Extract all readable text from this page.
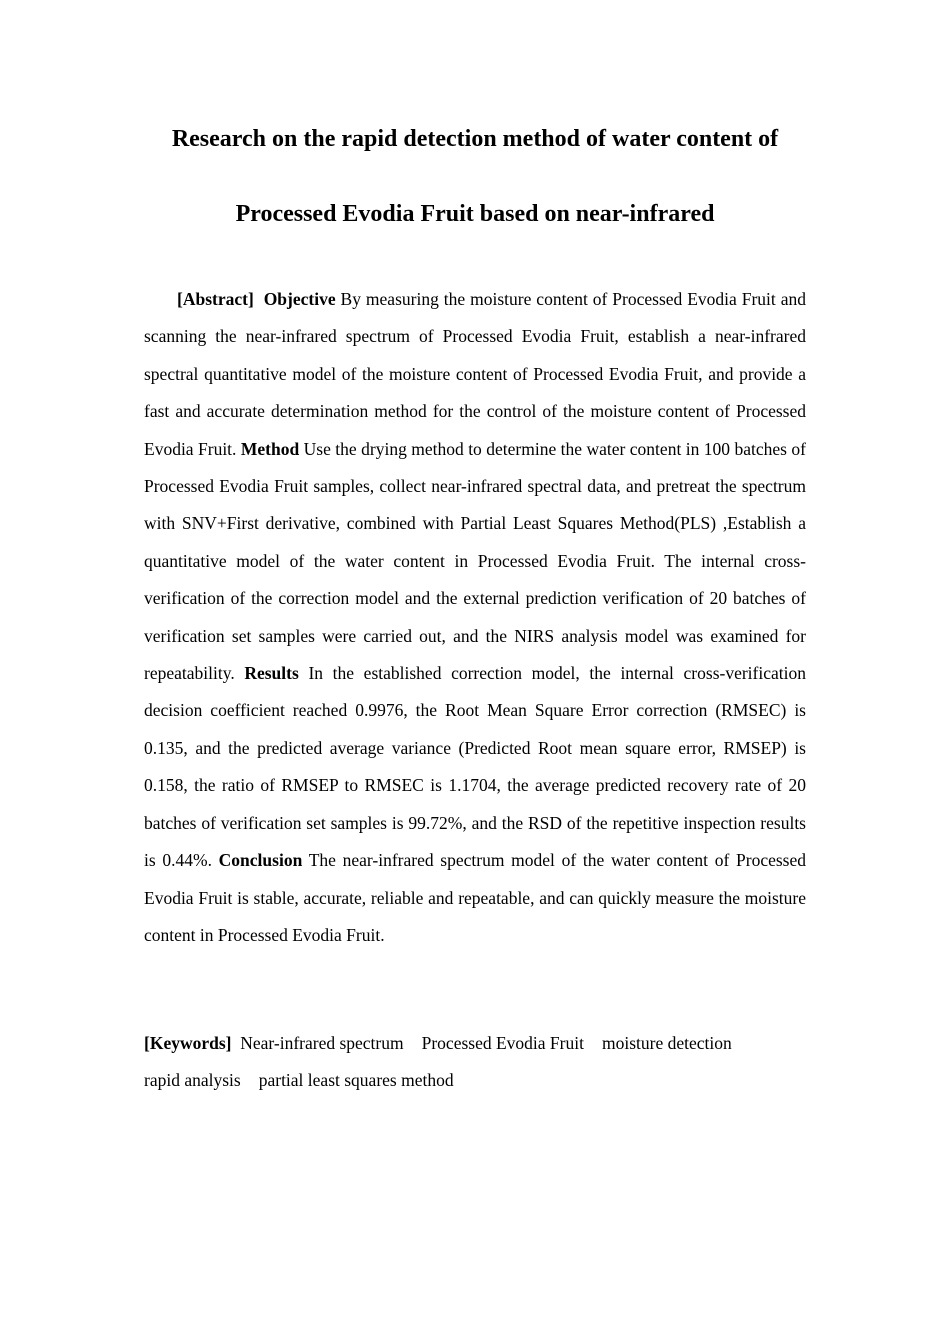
Research on the rapid detection method of water content of
Processed Evodia Fruit based on near-infrared

[Abstract] Objective By measuring the moisture content of Processed Evodia Fruit and scanning the near-infrared spectrum of Processed Evodia Fruit, establish a near-infrared spectral quantitative model of the moisture content of Processed Evodia Fruit, and provide a fast and accurate determination method for the control of the moisture content of Processed Evodia Fruit. Method Use the drying method to determine the water content in 100 batches of Processed Evodia Fruit samples, collect near-infrared spectral data, and pretreat the spectrum with SNV+First derivative, combined with Partial Least Squares Method(PLS) ,Establish a quantitative model of the water content in Processed Evodia Fruit. The internal cross-verification of the correction model and the external prediction verification of 20 batches of verification set samples were carried out, and the NIRS analysis model was examined for repeatability. Results In the established correction model, the internal cross-verification decision coefficient reached 0.9976, the Root Mean Square Error correction (RMSEC) is 0.135, and the predicted average variance (Predicted Root mean square error, RMSEP) is 0.158, the ratio of RMSEP to RMSEC is 1.1704, the average predicted recovery rate of 20 batches of verification set samples is 99.72%, and the RSD of the repetitive inspection results is 0.44%. Conclusion The near-infrared spectrum model of the water content of Processed Evodia Fruit is stable, accurate, reliable and repeatable, and can quickly measure the moisture content in Processed Evodia Fruit.

[Keywords] Near-infrared spectrum Processed Evodia Fruit moisture detection
rapid analysis partial least squares method
